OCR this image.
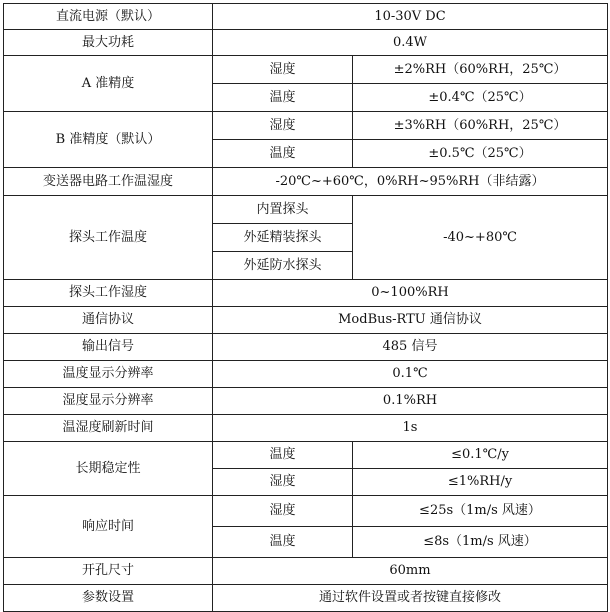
直流电源（默认）	10-30V DC	
最大功耗	0.4W	
A 准精度	湿度	±2%RH（60%RH，25℃）
	温度	±0.4℃（25℃）
B 准精度（默认）	湿度	±3%RH（60%RH，25℃）
	温度	±0.5℃（25℃）
变送器电路工作温湿度	-20℃~+60℃，0%RH~95%RH（非结露）	
探头工作温度	内置探头	-40~+80℃
	外延精装探头	
	外延防水探头	
探头工作湿度	0~100%RH	
通信协议	ModBus-RTU 通信协议	
输出信号	485 信号	
温度显示分辨率	0.1℃	
湿度显示分辨率	0.1%RH	
温湿度刷新时间	1s	
长期稳定性	温度	≤0.1℃/y
	湿度	≤1%RH/y
响应时间	湿度	≤25s（1m/s 风速）
	温度	≤8s（1m/s 风速）
开孔尺寸	60mm	
参数设置	通过软件设置或者按键直接修改	
